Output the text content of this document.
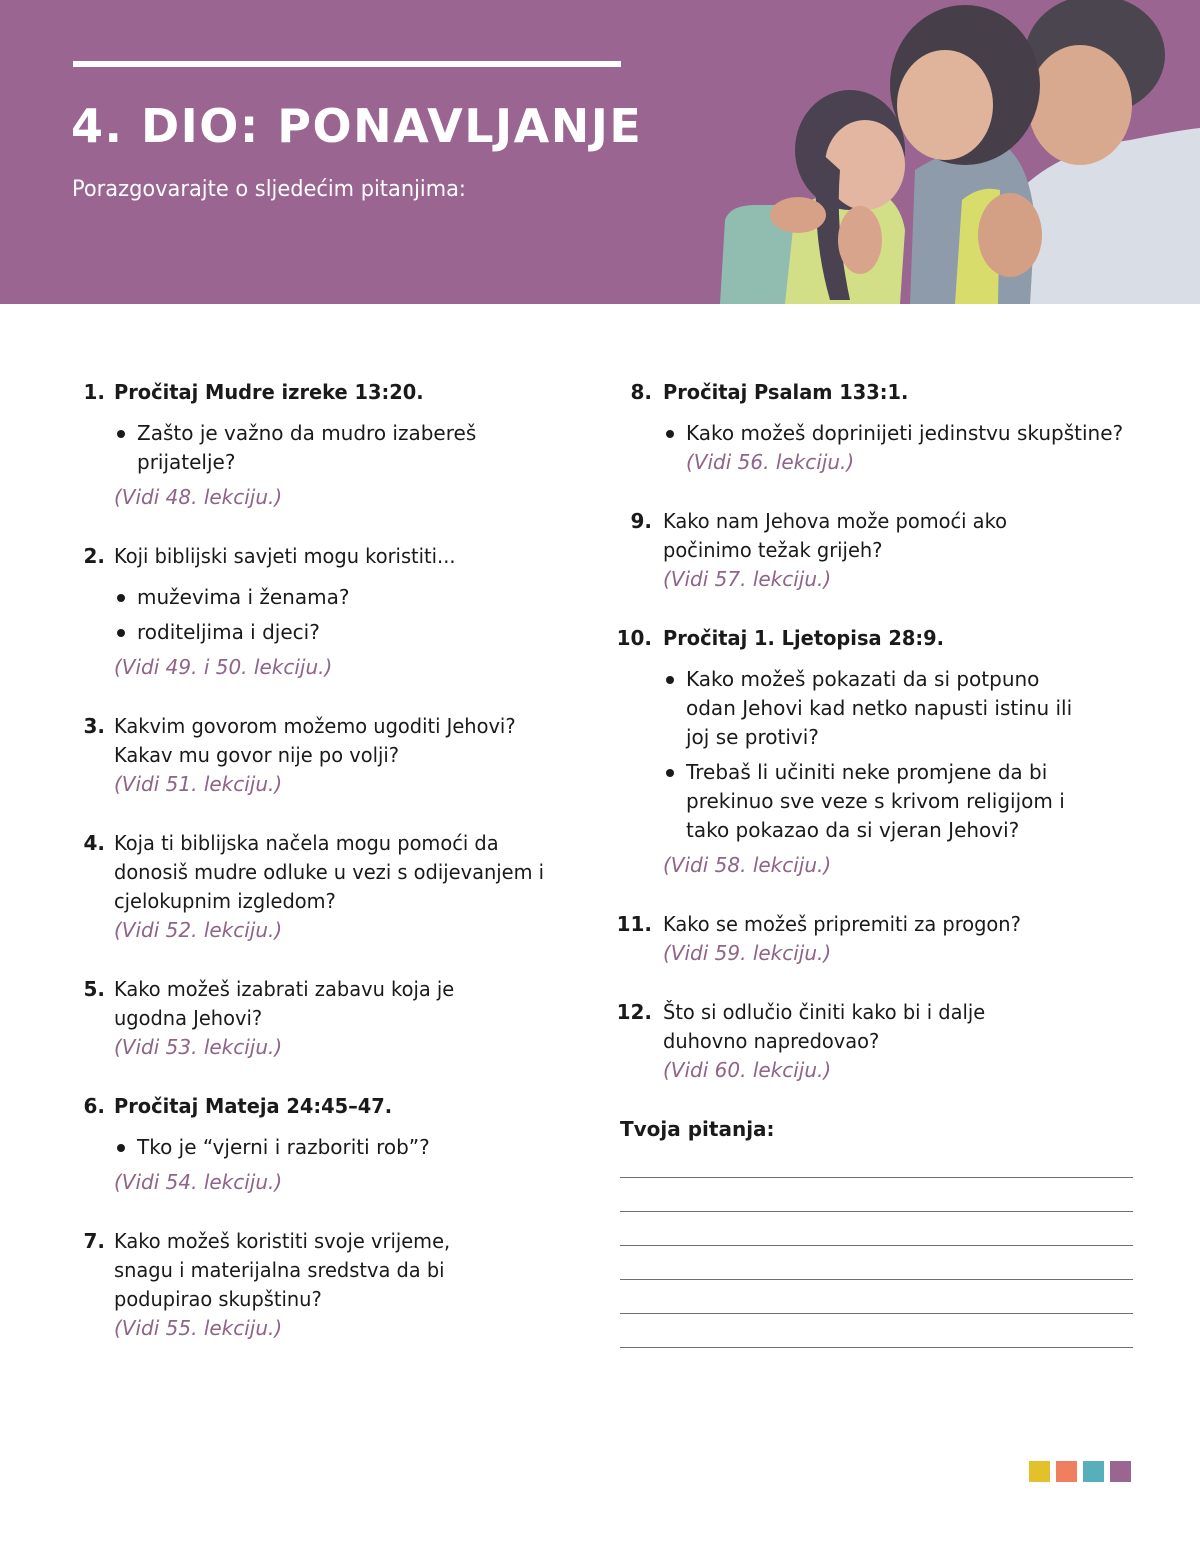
4. DIO: PONAVLJANJE
Porazgovarajte o sljedećim pitanjima:
1. Pročitaj Mudre izreke 13:20.
Zašto je važno da mudro izabereš prijatelje?
(Vidi 48. lekciju.)
2. Koji biblijski savjeti mogu koristiti...
muževima i ženama?
roditeljima i djeci?
(Vidi 49. i 50. lekciju.)
3. Kakvim govorom možemo ugoditi Jehovi? Kakav mu govor nije po volji?
(Vidi 51. lekciju.)
4. Koja ti biblijska načela mogu pomoći da donosiš mudre odluke u vezi s odijevanjem i cjelokupnim izgledom?
(Vidi 52. lekciju.)
5. Kako možeš izabrati zabavu koja je ugodna Jehovi?
(Vidi 53. lekciju.)
6. Pročitaj Mateja 24:45–47.
Tko je “vjerni i razboriti rob”?
(Vidi 54. lekciju.)
7. Kako možeš koristiti svoje vrijeme, snagu i materijalna sredstva da bi podupirao skupštinu?
(Vidi 55. lekciju.)
8. Pročitaj Psalam 133:1.
Kako možeš doprinijeti jedinstvu skupštine?
(Vidi 56. lekciju.)
9. Kako nam Jehova može pomoći ako počinimo težak grijeh?
(Vidi 57. lekciju.)
10. Pročitaj 1. Ljetopisa 28:9.
Kako možeš pokazati da si potpuno odan Jehovi kad netko napusti istinu ili joj se protivi?
Trebaš li učiniti neke promjene da bi prekinuo sve veze s krivom religijom i tako pokazao da si vjeran Jehovi?
(Vidi 58. lekciju.)
11. Kako se možeš pripremiti za progon?
(Vidi 59. lekciju.)
12. Što si odlučio činiti kako bi i dalje duhovno napredovao?
(Vidi 60. lekciju.)
Tvoja pitanja:
